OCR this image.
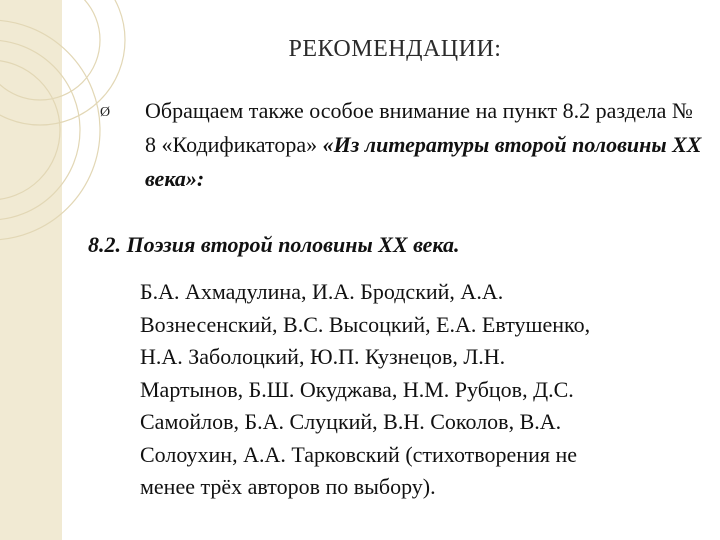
РЕКОМЕНДАЦИИ:
Ø Обращаем также особое внимание на пункт 8.2 раздела № 8 «Кодификатора» «Из литературы второй половины XX века»:

8.2. Поэзия второй половины XX века.

Б.А. Ахмадулина, И.А. Бродский, А.А.
Вознесенский, В.С. Высоцкий, Е.А. Евтушенко,
Н.А. Заболоцкий, Ю.П. Кузнецов, Л.Н.
Мартынов, Б.Ш. Окуджава, Н.М. Рубцов, Д.С.
Самойлов, Б.А. Слуцкий, В.Н. Соколов, В.А.
Солоухин, А.А. Тарковский (стихотворения не
менее трёх авторов по выбору).
